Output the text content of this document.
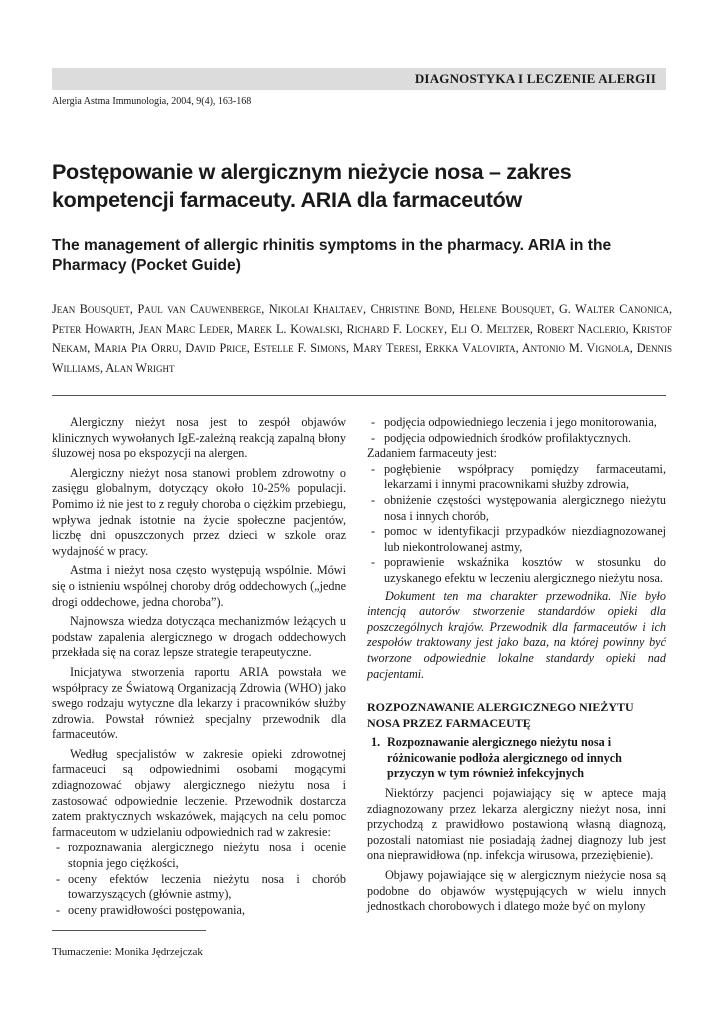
DIAGNOSTYKA I LECZENIE ALERGII
Alergia Astma Immunologia, 2004, 9(4), 163-168
Postępowanie w alergicznym nieżycie nosa – zakres kompetencji farmaceuty. ARIA dla farmaceutów
The management of allergic rhinitis symptoms in the pharmacy. ARIA in the Pharmacy (Pocket Guide)
Jean Bousquet, Paul van Cauwenberge, Nikolai Khaltaev, Christine Bond, Helene Bousquet, G. Walter Canonica, Peter Howarth, Jean Marc Leder, Marek L. Kowalski, Richard F. Lockey, Eli O. Meltzer, Robert Naclerio, Kristof Nekam, Maria Pia Orru, David Price, Estelle F. Simons, Mary Teresi, Erkka Valovirta, Antonio M. Vignola, Dennis Williams, Alan Wright

Alergiczny nieżyt nosa jest to zespół objawów klinicznych wywołanych IgE-zależną reakcją zapalną błony śluzowej nosa po ekspozycji na alergen.

Alergiczny nieżyt nosa stanowi problem zdrowotny o zasięgu globalnym, dotyczący około 10-25% populacji. Pomimo iż nie jest to z reguły choroba o ciężkim przebiegu, wpływa jednak istotnie na życie społeczne pacjentów, liczbę dni opuszczonych przez dzieci w szkole oraz wydajność w pracy.

Astma i nieżyt nosa często występują wspólnie. Mówi się o istnieniu wspólnej choroby dróg oddechowych („jedne drogi oddechowe, jedna choroba”).

Najnowsza wiedza dotycząca mechanizmów leżących u podstaw zapalenia alergicznego w drogach oddechowych przekłada się na coraz lepsze strategie terapeutyczne.

Inicjatywa stworzenia raportu ARIA powstała we współpracy ze Światową Organizacją Zdrowia (WHO) jako swego rodzaju wytyczne dla lekarzy i pracowników służby zdrowia. Powstał również specjalny przewodnik dla farmaceutów.

Według specjalistów w zakresie opieki zdrowotnej farmaceuci są odpowiednimi osobami mogącymi zdiagnozować objawy alergicznego nieżytu nosa i zastosować odpowiednie leczenie. Przewodnik dostarcza zatem praktycznych wskazówek, mających na celu pomoc farmaceutom w udzielaniu odpowiednich rad w zakresie:

- rozpoznawania alergicznego nieżytu nosa i ocenie stopnia jego ciężkości,
- oceny efektów leczenia nieżytu nosa i chorób towarzyszących (głównie astmy),
- oceny prawidłowości postępowania,
- podjęcia odpowiedniego leczenia i jego monitorowania,
- podjęcia odpowiednich środków profilaktycznych.

Zadaniem farmaceuty jest:

- pogłębienie współpracy pomiędzy farmaceutami, lekarzami i innymi pracownikami służby zdrowia,
- obniżenie częstości występowania alergicznego nieżytu nosa i innych chorób,
- pomoc w identyfikacji przypadków niezdiagnozowanej lub niekontrolowanej astmy,
- poprawienie wskaźnika kosztów w stosunku do uzyskanego efektu w leczeniu alergicznego nieżytu nosa.

Dokument ten ma charakter przewodnika. Nie było intencją autorów stworzenie standardów opieki dla poszczególnych krajów. Przewodnik dla farmaceutów i ich zespołów traktowany jest jako baza, na której powinny być tworzone odpowiednie lokalne standardy opieki nad pacjentami.

ROZPOZNAWANIE ALERGICZNEGO NIEŻYTU NOSA PRZEZ FARMACEUTĘ

1. Rozpoznawanie alergicznego nieżytu nosa i różnicowanie podłoża alergicznego od innych przyczyn w tym również infekcyjnych

Niektórzy pacjenci pojawiający się w aptece mają zdiagnozowany przez lekarza alergiczny nieżyt nosa, inni przychodzą z prawidłowo postawioną własną diagnozą, pozostali natomiast nie posiadają żadnej diagnozy lub jest ona nieprawidłowa (np. infekcja wirusowa, przeziębienie).

Objawy pojawiające się w alergicznym nieżycie nosa są podobne do objawów występujących w wielu innych jednostkach chorobowych i dlatego może być on mylony

Tłumaczenie: Monika Jędrzejczak
